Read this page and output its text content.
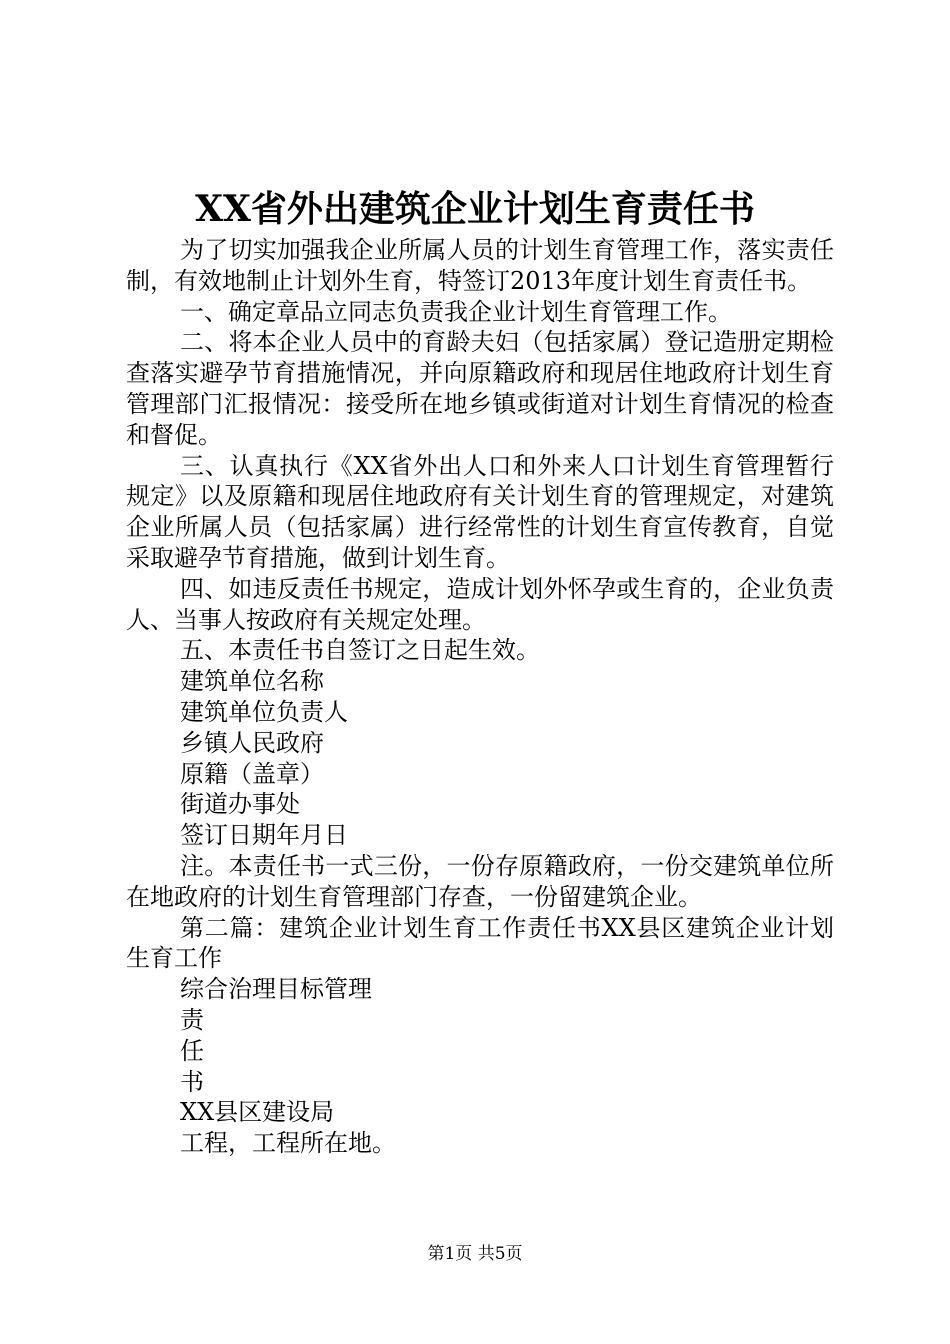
XX省外出建筑企业计划生育责任书

为了切实加强我企业所属人员的计划生育管理工作，落实责任制，有效地制止计划外生育，特签订2013年度计划生育责任书。

一、确定章品立同志负责我企业计划生育管理工作。

二、将本企业人员中的育龄夫妇（包括家属）登记造册定期检查落实避孕节育措施情况，并向原籍政府和现居住地政府计划生育管理部门汇报情况：接受所在地乡镇或街道对计划生育情况的检查和督促。

三、认真执行《XX省外出人口和外来人口计划生育管理暂行规定》以及原籍和现居住地政府有关计划生育的管理规定，对建筑企业所属人员（包括家属）进行经常性的计划生育宣传教育，自觉采取避孕节育措施，做到计划生育。

四、如违反责任书规定，造成计划外怀孕或生育的，企业负责人、当事人按政府有关规定处理。

五、本责任书自签订之日起生效。

建筑单位名称

建筑单位负责人

乡镇人民政府

原籍（盖章）

街道办事处

签订日期年月日

注。本责任书一式三份，一份存原籍政府，一份交建筑单位所在地政府的计划生育管理部门存查，一份留建筑企业。

第二篇：建筑企业计划生育工作责任书XX县区建筑企业计划生育工作

综合治理目标管理

责

任

书

XX县区建设局

工程，工程所在地。

第1页 共5页
